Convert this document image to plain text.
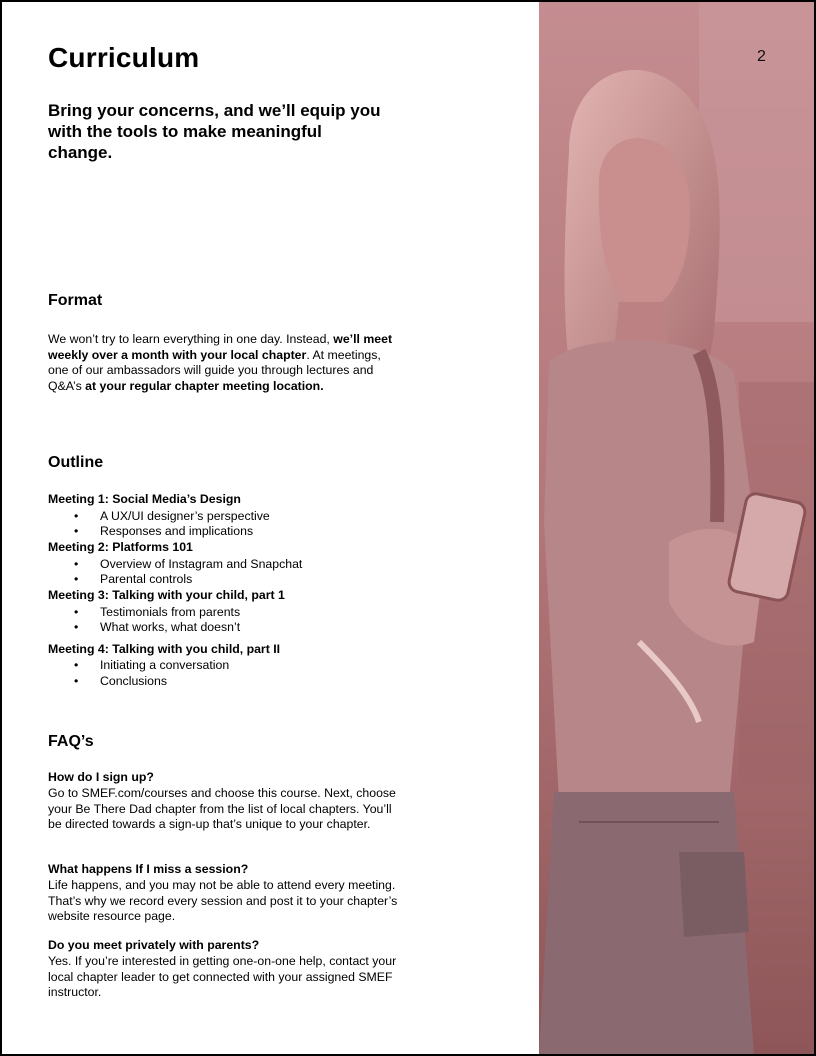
Curriculum

Bring your concerns, and we’ll equip you with the tools to make meaningful change.

Format

We won’t try to learn everything in one day. Instead, we’ll meet weekly over a month with your local chapter. At meetings, one of our ambassadors will guide you through lectures and Q&A’s at your regular chapter meeting location.

Outline

Meeting 1: Social Media’s Design

• A UX/UI designer’s perspective

• Responses and implications

Meeting 2: Platforms 101

• Overview of Instagram and Snapchat

• Parental controls

Meeting 3: Talking with your child, part 1

• Testimonials from parents

• What works, what doesn’t

Meeting 4: Talking with you child, part II

• Initiating a conversation

• Conclusions

FAQ’s

How do I sign up?

Go to SMEF.com/courses and choose this course. Next, choose your Be There Dad chapter from the list of local chapters. You’ll be directed towards a sign-up that’s unique to your chapter.

What happens If I miss a session?

Life happens, and you may not be able to attend every meeting. That’s why we record every session and post it to your chapter’s website resource page.

Do you meet privately with parents?

Yes. If you’re interested in getting one-on-one help, contact your local chapter leader to get connected with your assigned SMEF instructor.

2
